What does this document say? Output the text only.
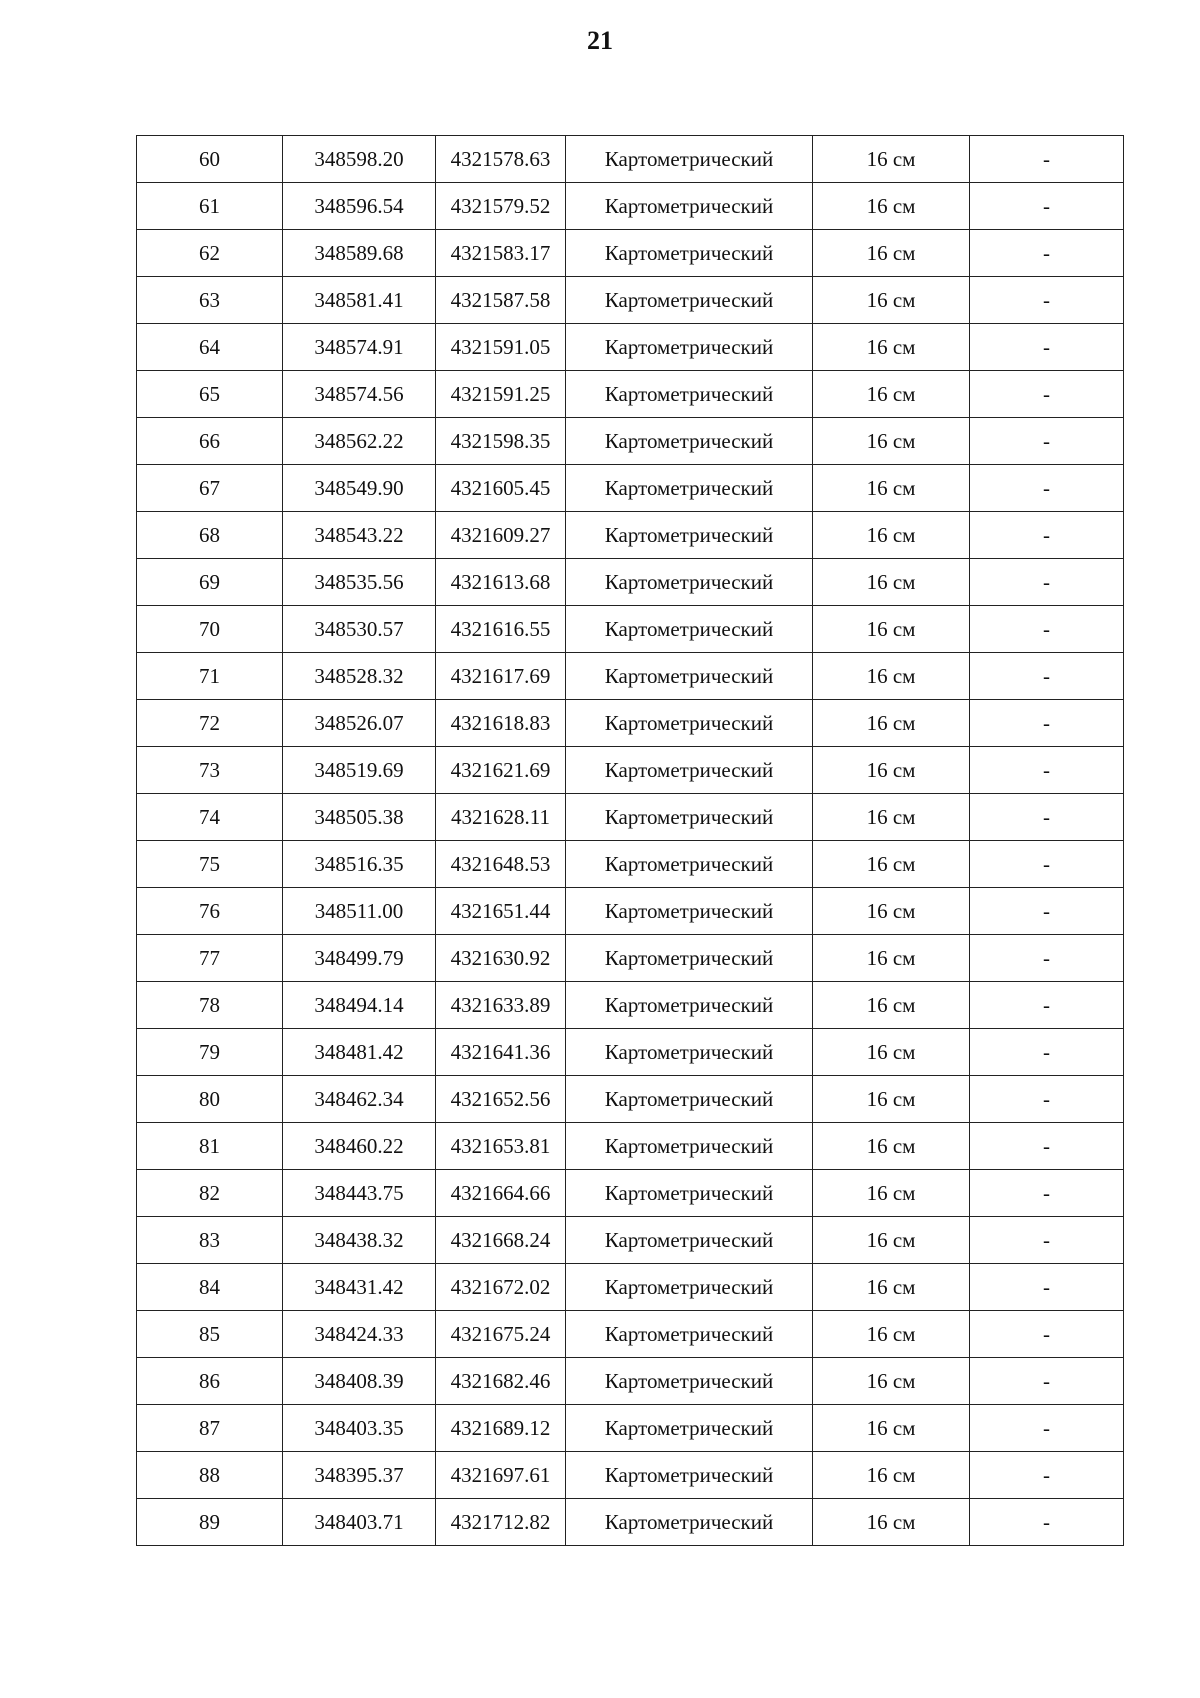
21
60	348598.20	4321578.63	Картометрический	16 см	-
61	348596.54	4321579.52	Картометрический	16 см	-
62	348589.68	4321583.17	Картометрический	16 см	-
63	348581.41	4321587.58	Картометрический	16 см	-
64	348574.91	4321591.05	Картометрический	16 см	-
65	348574.56	4321591.25	Картометрический	16 см	-
66	348562.22	4321598.35	Картометрический	16 см	-
67	348549.90	4321605.45	Картометрический	16 см	-
68	348543.22	4321609.27	Картометрический	16 см	-
69	348535.56	4321613.68	Картометрический	16 см	-
70	348530.57	4321616.55	Картометрический	16 см	-
71	348528.32	4321617.69	Картометрический	16 см	-
72	348526.07	4321618.83	Картометрический	16 см	-
73	348519.69	4321621.69	Картометрический	16 см	-
74	348505.38	4321628.11	Картометрический	16 см	-
75	348516.35	4321648.53	Картометрический	16 см	-
76	348511.00	4321651.44	Картометрический	16 см	-
77	348499.79	4321630.92	Картометрический	16 см	-
78	348494.14	4321633.89	Картометрический	16 см	-
79	348481.42	4321641.36	Картометрический	16 см	-
80	348462.34	4321652.56	Картометрический	16 см	-
81	348460.22	4321653.81	Картометрический	16 см	-
82	348443.75	4321664.66	Картометрический	16 см	-
83	348438.32	4321668.24	Картометрический	16 см	-
84	348431.42	4321672.02	Картометрический	16 см	-
85	348424.33	4321675.24	Картометрический	16 см	-
86	348408.39	4321682.46	Картометрический	16 см	-
87	348403.35	4321689.12	Картометрический	16 см	-
88	348395.37	4321697.61	Картометрический	16 см	-
89	348403.71	4321712.82	Картометрический	16 см	-
